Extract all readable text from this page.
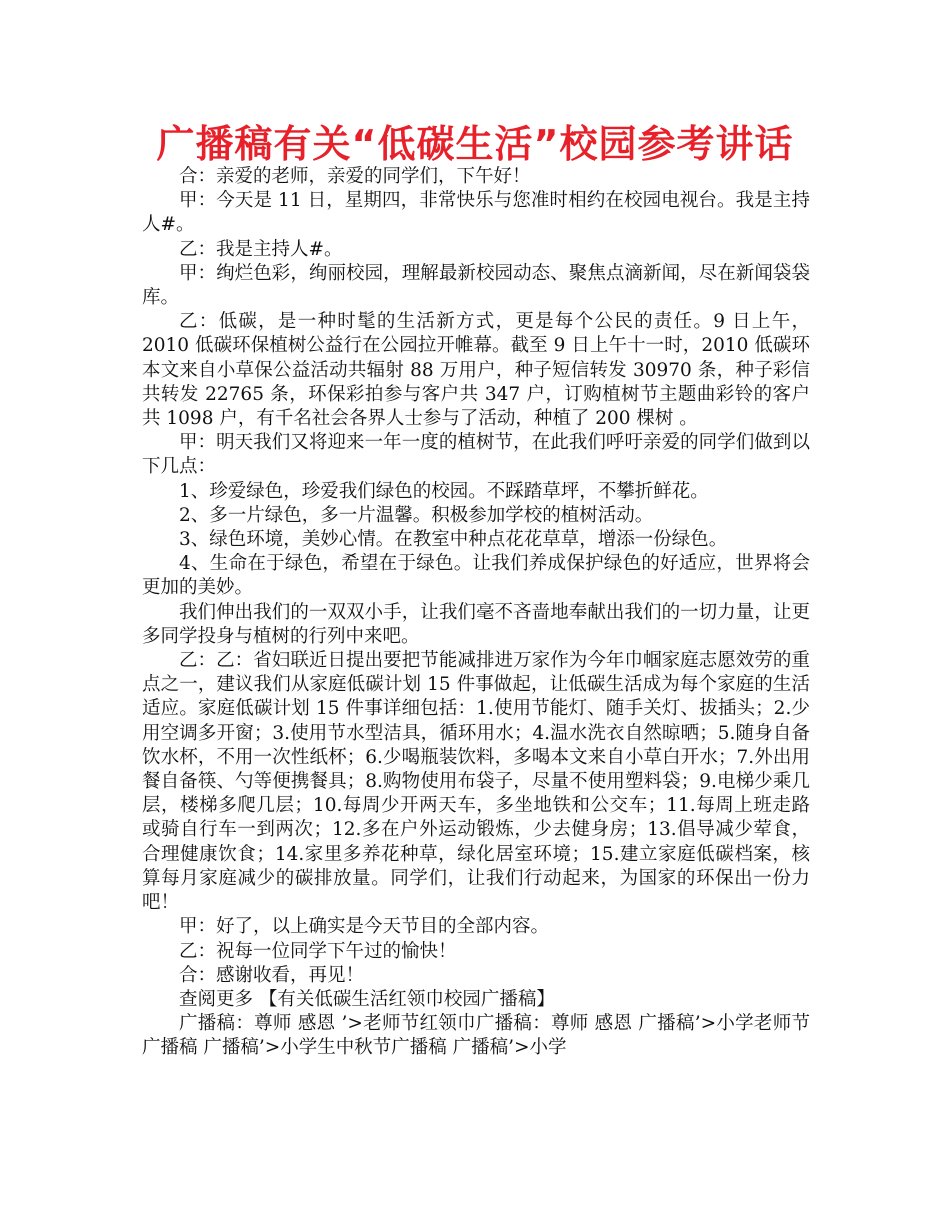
广播稿有关“低碳生活”校园参考讲话

合：亲爱的老师，亲爱的同学们，下午好！

甲：今天是 11 日，星期四，非常快乐与您准时相约在校园电视台。我是主持人#。

乙：我是主持人#。

甲：绚烂色彩，绚丽校园，理解最新校园动态、聚焦点滴新闻，尽在新闻袋袋库。

乙：低碳，是一种时髦的生活新方式，更是每个公民的责任。9 日上午， 2010 低碳环保植树公益行在公园拉开帷幕。截至 9 日上午十一时，2010 低碳环本文来自小草保公益活动共辐射 88 万用户，种子短信转发 30970 条，种子彩信共转发 22765 条，环保彩拍参与客户共 347 户，订购植树节主题曲彩铃的客户共 1098 户，有千名社会各界人士参与了活动，种植了 200 棵树 。

甲：明天我们又将迎来一年一度的植树节，在此我们呼吁亲爱的同学们做到以下几点：

1、珍爱绿色，珍爱我们绿色的校园。不踩踏草坪，不攀折鲜花。

2、多一片绿色，多一片温馨。积极参加学校的植树活动。

3、绿色环境，美妙心情。在教室中种点花花草草，增添一份绿色。

4、生命在于绿色，希望在于绿色。让我们养成保护绿色的好适应，世界将会更加的美妙。

我们伸出我们的一双双小手，让我们毫不吝啬地奉献出我们的一切力量，让更多同学投身与植树的行列中来吧。

乙：乙：省妇联近日提出要把节能减排进万家作为今年巾帼家庭志愿效劳的重点之一，建议我们从家庭低碳计划 15 件事做起，让低碳生活成为每个家庭的生活适应。家庭低碳计划 15 件事详细包括：1.使用节能灯、随手关灯、拔插头；2.少用空调多开窗；3.使用节水型洁具，循环用水；4.温水洗衣自然晾晒；5.随身自备饮水杯，不用一次性纸杯；6.少喝瓶装饮料，多喝本文来自小草白开水；7.外出用餐自备筷、勺等便携餐具；8.购物使用布袋子，尽量不使用塑料袋；9.电梯少乘几层，楼梯多爬几层；10.每周少开两天车，多坐地铁和公交车；11.每周上班走路或骑自行车一到两次；12.多在户外运动锻炼，少去健身房；13.倡导减少荤食，合理健康饮食；14.家里多养花种草，绿化居室环境；15.建立家庭低碳档案，核算每月家庭减少的碳排放量。同学们，让我们行动起来，为国家的环保出一份力吧！

甲：好了，以上确实是今天节目的全部内容。

乙：祝每一位同学下午过的愉快！

合：感谢收看，再见！

查阅更多 【有关低碳生活红领巾校园广播稿】

广播稿：尊师 感恩 ’>老师节红领巾广播稿：尊师 感恩 广播稿’>小学老师节广播稿 广播稿’>小学生中秋节广播稿 广播稿’>小学
